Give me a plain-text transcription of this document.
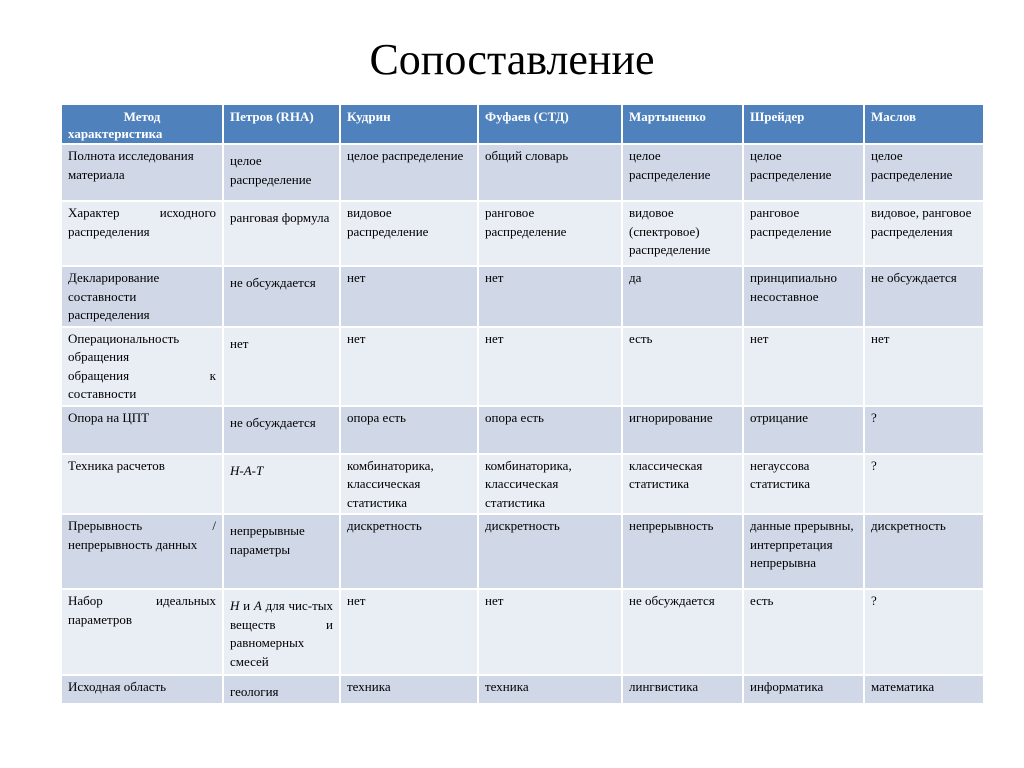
Сопоставление
Метод

характеристика	Петров (RHA)	Кудрин	Фуфаев (СТД)	Мартыненко	Шрейдер	Маслов
Полнота исследования материала	целое распределение	целое распределение	общий словарь	целое распределение	целое распределение	целое распределение

Характер исходного
распределения	ранговая формула	видовое распределение	ранговое распределение	видовое (спектровое) распределение	ранговое распределение	видовое, ранговое распределения
Декларирование составности распределения	не обсуждается	нет	нет	да	принципиально несоставное	не обсуждается

Операциональность обращения
обращения к
составности	нет	нет	нет	есть	нет	нет
Опора на ЦПТ	не обсуждается	опора есть	опора есть	игнорирование	отрицание	?
Техника расчетов	H-A-T	комбинаторика, классическая статистика	комбинаторика, классическая статистика	классическая статистика	негауссова статистика	?

Прерывность /
непрерывность данных	непрерывные параметры	дискретность	дискретность	непрерывность	данные прерывны, интерпретация непрерывна	дискретность

Набор идеальных
параметров	H и A для чис-тых веществ и равномерных смесей	нет	нет	не обсуждается	есть	?
Исходная область	геология	техника	техника	лингвистика	информатика	математика
